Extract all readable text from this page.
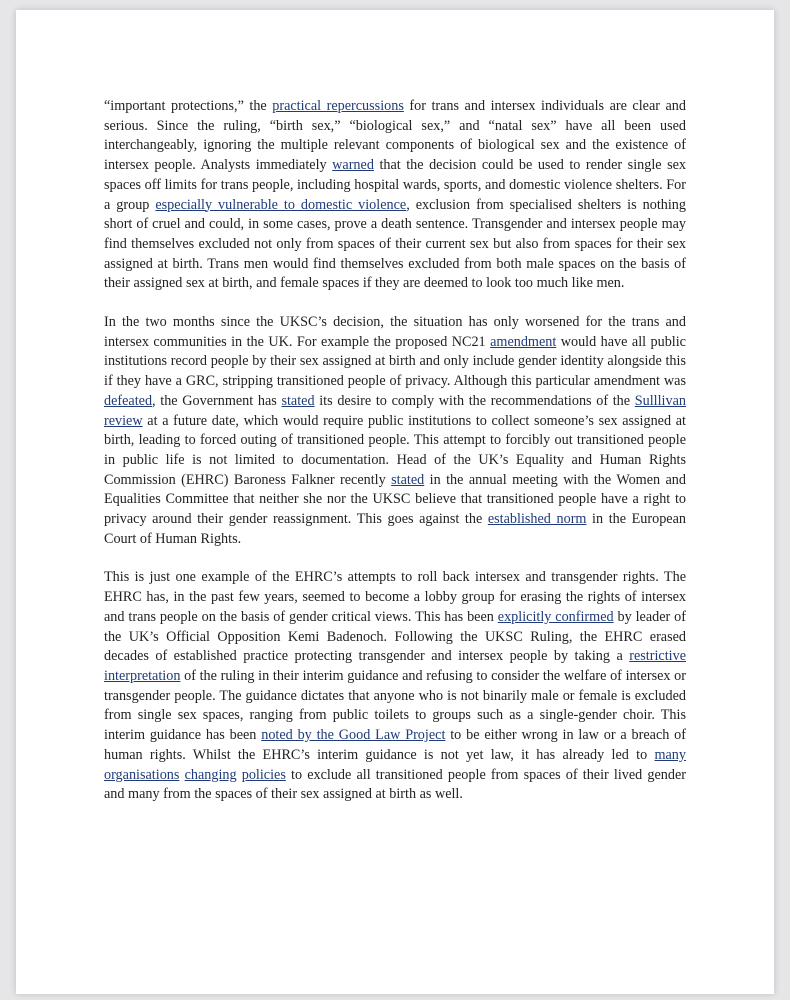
“important protections,” the practical repercussions for trans and intersex individuals are clear and serious. Since the ruling, “birth sex,” “biological sex,” and “natal sex” have all been used interchangeably, ignoring the multiple relevant components of biological sex and the existence of intersex people. Analysts immediately warned that the decision could be used to render single sex spaces off limits for trans people, including hospital wards, sports, and domestic violence shelters. For a group especially vulnerable to domestic violence, exclusion from specialised shelters is nothing short of cruel and could, in some cases, prove a death sentence. Transgender and intersex people may find themselves excluded not only from spaces of their current sex but also from spaces for their sex assigned at birth. Trans men would find themselves excluded from both male spaces on the basis of their assigned sex at birth, and female spaces if they are deemed to look too much like men.

In the two months since the UKSC’s decision, the situation has only worsened for the trans and intersex communities in the UK. For example the proposed NC21 amendment would have all public institutions record people by their sex assigned at birth and only include gender identity alongside this if they have a GRC, stripping transitioned people of privacy. Although this particular amendment was defeated, the Government has stated its desire to comply with the recommendations of the Sulllivan review at a future date, which would require public institutions to collect someone’s sex assigned at birth, leading to forced outing of transitioned people. This attempt to forcibly out transitioned people in public life is not limited to documentation. Head of the UK’s Equality and Human Rights Commission (EHRC) Baroness Falkner recently stated in the annual meeting with the Women and Equalities Committee that neither she nor the UKSC believe that transitioned people have a right to privacy around their gender reassignment. This goes against the established norm in the European Court of Human Rights.

This is just one example of the EHRC’s attempts to roll back intersex and transgender rights. The EHRC has, in the past few years, seemed to become a lobby group for erasing the rights of intersex and trans people on the basis of gender critical views. This has been explicitly confirmed by leader of the UK’s Official Opposition Kemi Badenoch. Following the UKSC Ruling, the EHRC erased decades of established practice protecting transgender and intersex people by taking a restrictive interpretation of the ruling in their interim guidance and refusing to consider the welfare of intersex or transgender people. The guidance dictates that anyone who is not binarily male or female is excluded from single sex spaces, ranging from public toilets to groups such as a single-gender choir. This interim guidance has been noted by the Good Law Project to be either wrong in law or a breach of human rights. Whilst the EHRC’s interim guidance is not yet law, it has already led to many organisations changing policies to exclude all transitioned people from spaces of their lived gender and many from the spaces of their sex assigned at birth as well.
